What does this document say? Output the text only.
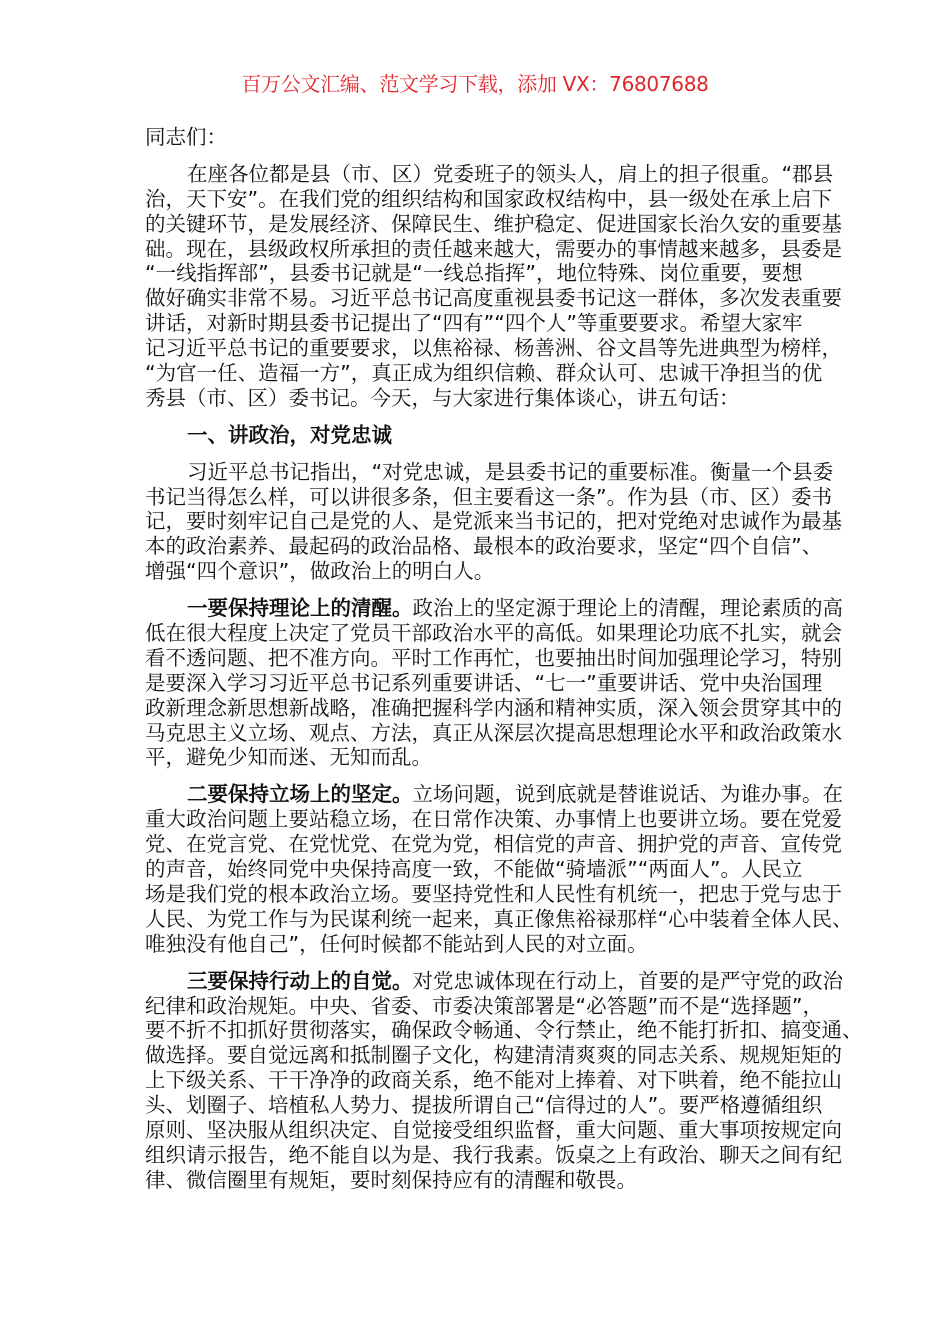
百万公文汇编、范文学习下载，添加 VX：76807688
同志们：
在座各位都是县（市、区）党委班子的领头人，肩上的担子很重。“郡县
治，天下安”。在我们党的组织结构和国家政权结构中，县一级处在承上启下
的关键环节，是发展经济、保障民生、维护稳定、促进国家长治久安的重要基
础。现在，县级政权所承担的责任越来越大，需要办的事情越来越多，县委是
“一线指挥部”，县委书记就是“一线总指挥”，地位特殊、岗位重要，要想
做好确实非常不易。习近平总书记高度重视县委书记这一群体，多次发表重要
讲话，对新时期县委书记提出了“四有”“四个人”等重要要求。希望大家牢
记习近平总书记的重要要求，以焦裕禄、杨善洲、谷文昌等先进典型为榜样，
“为官一任、造福一方”，真正成为组织信赖、群众认可、忠诚干净担当的优
秀县（市、区）委书记。今天，与大家进行集体谈心，讲五句话：
一、讲政治，对党忠诚
习近平总书记指出，“对党忠诚，是县委书记的重要标准。衡量一个县委
书记当得怎么样，可以讲很多条，但主要看这一条”。作为县（市、区）委书
记，要时刻牢记自己是党的人、是党派来当书记的，把对党绝对忠诚作为最基
本的政治素养、最起码的政治品格、最根本的政治要求，坚定“四个自信”、
增强“四个意识”，做政治上的明白人。
一要保持理论上的清醒。政治上的坚定源于理论上的清醒，理论素质的高
低在很大程度上决定了党员干部政治水平的高低。如果理论功底不扎实，就会
看不透问题、把不准方向。平时工作再忙，也要抽出时间加强理论学习，特别
是要深入学习习近平总书记系列重要讲话、“七一”重要讲话、党中央治国理
政新理念新思想新战略，准确把握科学内涵和精神实质，深入领会贯穿其中的
马克思主义立场、观点、方法，真正从深层次提高思想理论水平和政治政策水
平，避免少知而迷、无知而乱。
二要保持立场上的坚定。立场问题，说到底就是替谁说话、为谁办事。在
重大政治问题上要站稳立场，在日常作决策、办事情上也要讲立场。要在党爱
党、在党言党、在党忧党、在党为党，相信党的声音、拥护党的声音、宣传党
的声音，始终同党中央保持高度一致，不能做“骑墙派”“两面人”。人民立
场是我们党的根本政治立场。要坚持党性和人民性有机统一，把忠于党与忠于
人民、为党工作与为民谋利统一起来，真正像焦裕禄那样“心中装着全体人民、
唯独没有他自己”，任何时候都不能站到人民的对立面。
三要保持行动上的自觉。对党忠诚体现在行动上，首要的是严守党的政治
纪律和政治规矩。中央、省委、市委决策部署是“必答题”而不是“选择题”，
要不折不扣抓好贯彻落实，确保政令畅通、令行禁止，绝不能打折扣、搞变通、
做选择。要自觉远离和抵制圈子文化，构建清清爽爽的同志关系、规规矩矩的
上下级关系、干干净净的政商关系，绝不能对上捧着、对下哄着，绝不能拉山
头、划圈子、培植私人势力、提拔所谓自己“信得过的人”。要严格遵循组织
原则、坚决服从组织决定、自觉接受组织监督，重大问题、重大事项按规定向
组织请示报告，绝不能自以为是、我行我素。饭桌之上有政治、聊天之间有纪
律、微信圈里有规矩，要时刻保持应有的清醒和敬畏。
